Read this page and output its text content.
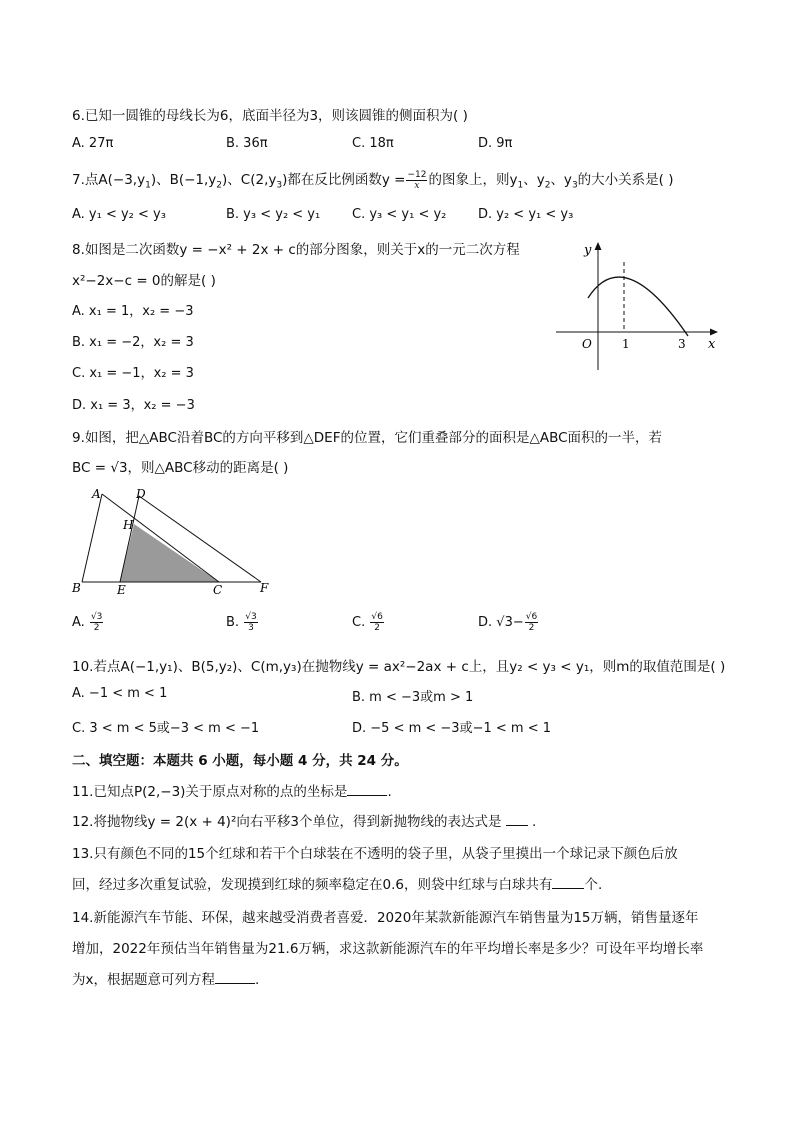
6.已知一圆锥的母线长为6，底面半径为3，则该圆锥的侧面积为( )
A. 27π	B. 36π	C. 18π	D. 9π
7.点$A(-3,y_1)$、$B(-1,y_2)$、$C(2,y_3)$都在反比例函数$y = \frac{-12}{x}$ 的图象上，则$y_1$、$y_2$、$y_3$的大小关系是( )
A. y₁ < y₂ < y₃	B. y₃ < y₂ < y₁ C. y₃ < y₁ < y₂ D. y₂ < y₁ < y₃
8.如图是二次函数y = −x² + 2x + c的部分图象，则关于x的一元二次方程
x²−2x−c = 0的解是( )
A. x₁ = 1，x₂ = −3
B. x₁ = −2，x₂ = 3
C. x₁ = −1，x₂ = 3
D. x₁ = 3，x₂ = −3
y
x
O	1	3
9.如图，把△ABC沿着BC的方向平移到△DEF的位置，它们重叠部分的面积是△ABC面积的一半，若
BC = √3，则△ABC移动的距离是( )
A	D
H
B	E	C	F
A. $\frac{√3}{2}$	B. $\frac{√3}{3}$	C. $\frac{√6}{2}$	D. $√3- \frac{√6}{2}$
10.若点A(−1,y₁)、B(5,y₂)、C(m,y₃)在抛物线y = ax²−2ax + c上，且y₂ < y₃ < y₁，则m的取值范围是( )
A. −1 < m < 1	B. m < −3或m > 1
C. 3 < m < 5或−3 < m < −1	D. −5 < m < −3或−1 < m < 1
二、填空题：本题共 6 小题，每小题 4 分，共 24 分。
11.已知点P(2,−3)关于原点对称的点的坐标是	.
12.将抛物线y = 2(x + 4)²向右平移3个单位，得到新抛物线的表达式是 .
13.只有颜色不同的15个红球和若干个白球装在不透明的袋子里，从袋子里摸出一个球记录下颜色后放
回，经过多次重复试验，发现摸到红球的频率稳定在0.6，则袋中红球与白球共有 个.
14.新能源汽车节能、环保，越来越受消费者喜爱．2020年某款新能源汽车销售量为15万辆，销售量逐年
增加，2022年预估当年销售量为21.6万辆，求这款新能源汽车的年平均增长率是多少？可设年平均增长率
为x，根据题意可列方程	.
